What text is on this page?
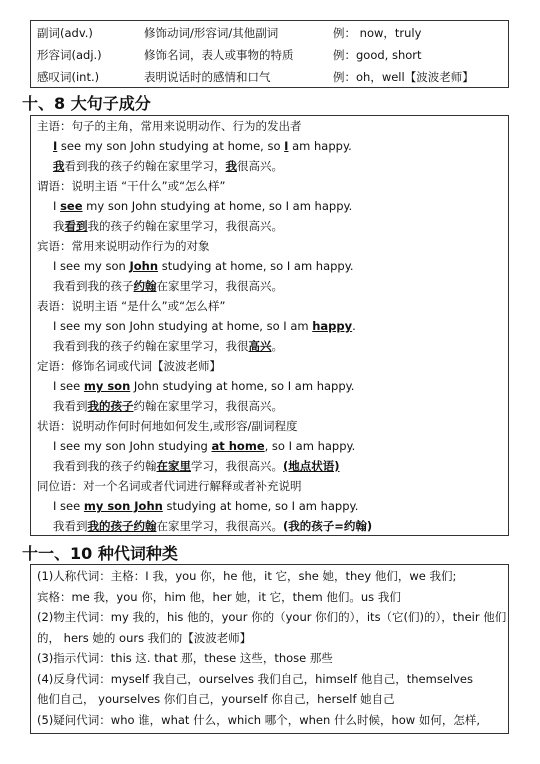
副词(adv.)	修饰动词/形容词/其他副词	例： now，truly
形容词(adj.)	修饰名词，表人或事物的特质	例：good, short
感叹词(int.)	表明说话时的感情和口气	例：oh，well【波波老师】
十、8 大句子成分
主语：句子的主角，常用来说明动作、行为的发出者
I see my son John studying at home, so I am happy.
我看到我的孩子约翰在家里学习，我很高兴。
谓语：说明主语 “干什么”或“怎么样”
I see my son John studying at home, so I am happy.
我看到我的孩子约翰在家里学习，我很高兴。
宾语：常用来说明动作行为的对象
I see my son John studying at home, so I am happy.
我看到我的孩子约翰在家里学习，我很高兴。
表语：说明主语 “是什么”或“怎么样”
I see my son John studying at home, so I am happy.
我看到我的孩子约翰在家里学习，我很高兴。
定语：修饰名词或代词【波波老师】
I see my son John studying at home, so I am happy.
我看到我的孩子约翰在家里学习，我很高兴。
状语：说明动作何时何地如何发生,或形容/副词程度
I see my son John studying at home, so I am happy.
我看到我的孩子约翰在家里学习，我很高兴。(地点状语)
同位语：对一个名词或者代词进行解释或者补充说明
I see my son John studying at home, so I am happy.
我看到我的孩子约翰在家里学习，我很高兴。(我的孩子=约翰)
十一、10 种代词种类
(1)人称代词：主格：I 我，you 你，he 他，it 它，she 她，they 他们，we 我们;
宾格：me 我，you 你，him 他，her 她，it 它，them 他们。us 我们
(2)物主代词：my 我的，his 他的，your 你的（your 你们的），its（它(们)的），their 他们
的， hers 她的 ours 我们的【波波老师】
(3)指示代词：this 这. that 那，these 这些，those 那些
(4)反身代词：myself 我自己，ourselves 我们自己，himself 他自己，themselves
他们自己， yourselves 你们自己，yourself 你自己，herself 她自己
(5)疑问代词：who 谁，what 什么，which 哪个，when 什么时候，how 如何，怎样,
